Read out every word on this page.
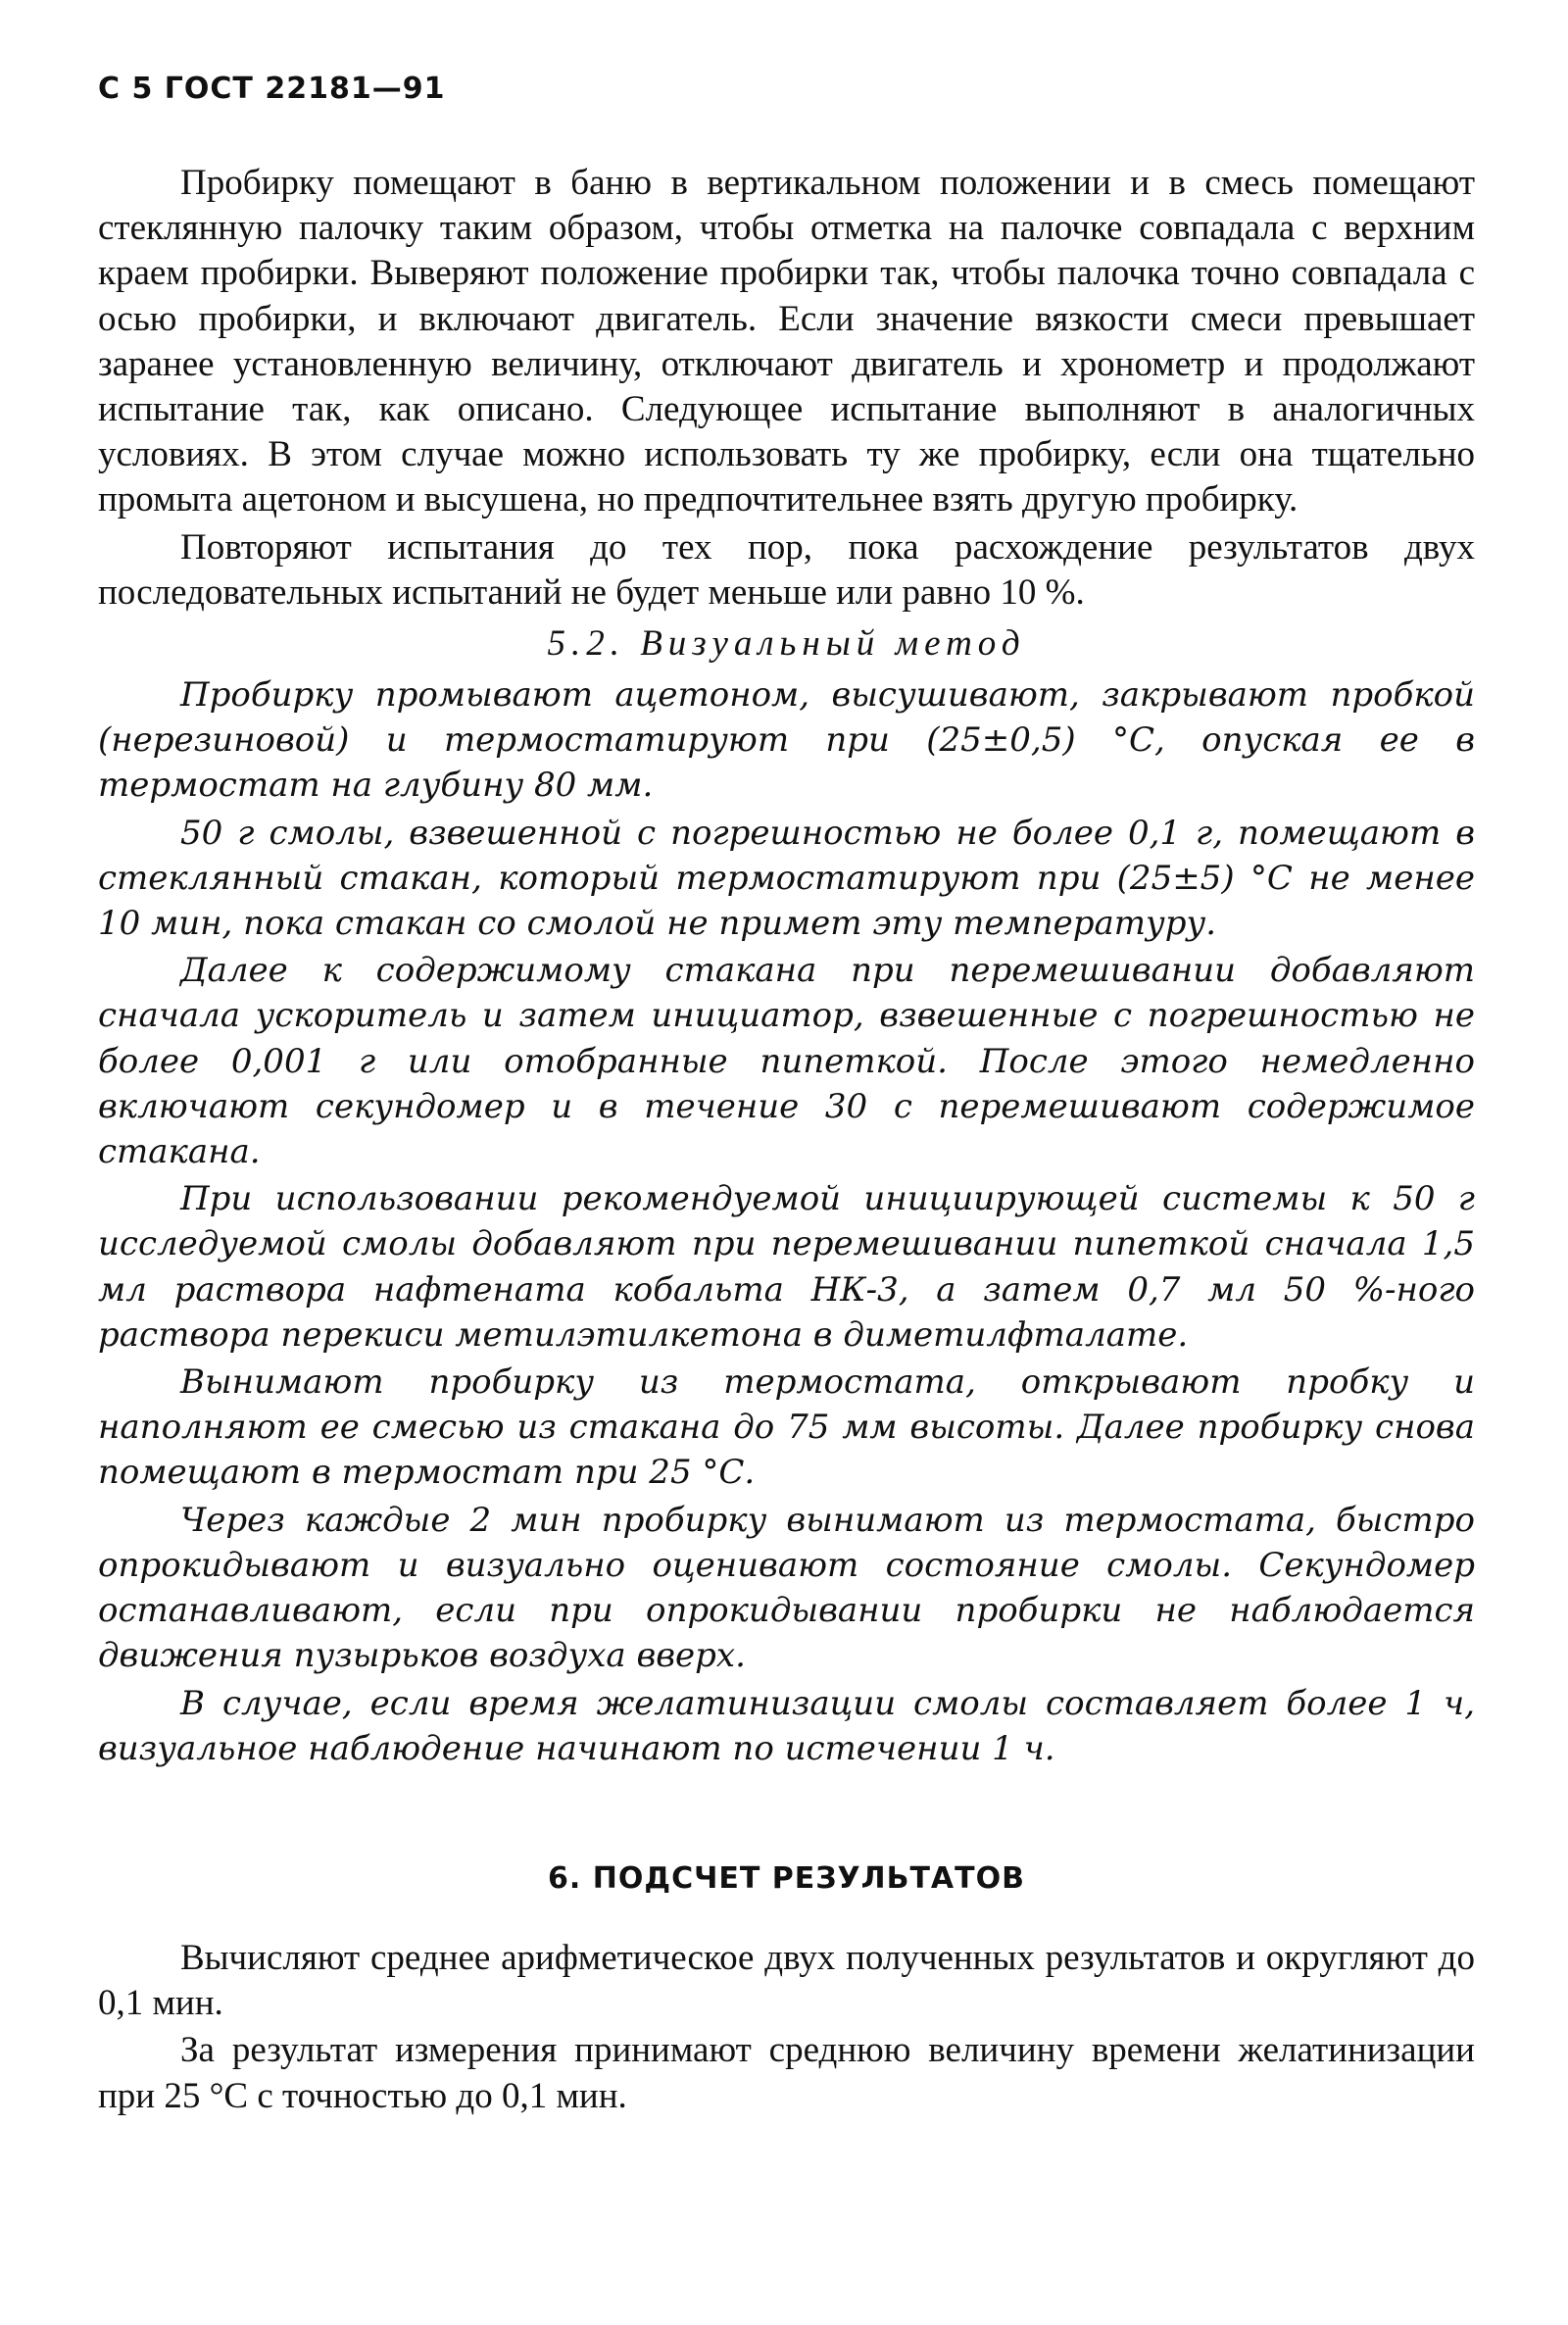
С 5 ГОСТ 22181—91

Пробирку помещают в баню в вертикальном положении и в смесь помещают стеклянную палочку таким образом, чтобы отметка на палочке совпадала с верхним краем пробирки. Выверяют положение пробирки так, чтобы палочка точно совпадала с осью пробирки, и включают двигатель. Если значение вязкости смеси превышает заранее установленную величину, отключают двигатель и хронометр и продолжают испытание так, как описано. Следующее испытание выполняют в аналогичных условиях. В этом случае можно использовать ту же пробирку, если она тщательно промыта ацетоном и высушена, но предпочтительнее взять другую пробирку.

Повторяют испытания до тех пор, пока расхождение результатов двух последовательных испытаний не будет меньше или равно 10 %.

5.2. Визуальный метод

Пробирку промывают ацетоном, высушивают, закрывают пробкой (нерезиновой) и термостатируют при (25±0,5) °С, опуская ее в термостат на глубину 80 мм.

50 г смолы, взвешенной с погрешностью не более 0,1 г, помещают в стеклянный стакан, который термостатируют при (25±5) °С не менее 10 мин, пока стакан со смолой не примет эту температуру.

Далее к содержимому стакана при перемешивании добавляют сначала ускоритель и затем инициатор, взвешенные с погрешностью не более 0,001 г или отобранные пипеткой. После этого немедленно включают секундомер и в течение 30 с перемешивают содержимое стакана.

При использовании рекомендуемой инициирующей системы к 50 г исследуемой смолы добавляют при перемешивании пипеткой сначала 1,5 мл раствора нафтената кобальта НК-3, а затем 0,7 мл 50 %-ного раствора перекиси метилэтилкетона в диметилфталате.

Вынимают пробирку из термостата, открывают пробку и наполняют ее смесью из стакана до 75 мм высоты. Далее пробирку снова помещают в термостат при 25 °С.

Через каждые 2 мин пробирку вынимают из термостата, быстро опрокидывают и визуально оценивают состояние смолы. Секундомер останавливают, если при опрокидывании пробирки не наблюдается движения пузырьков воздуха вверх.

В случае, если время желатинизации смолы составляет более 1 ч, визуальное наблюдение начинают по истечении 1 ч.

6. ПОДСЧЕТ РЕЗУЛЬТАТОВ

Вычисляют среднее арифметическое двух полученных результатов и округляют до 0,1 мин.

За результат измерения принимают среднюю величину времени желатинизации при 25 °С с точностью до 0,1 мин.
